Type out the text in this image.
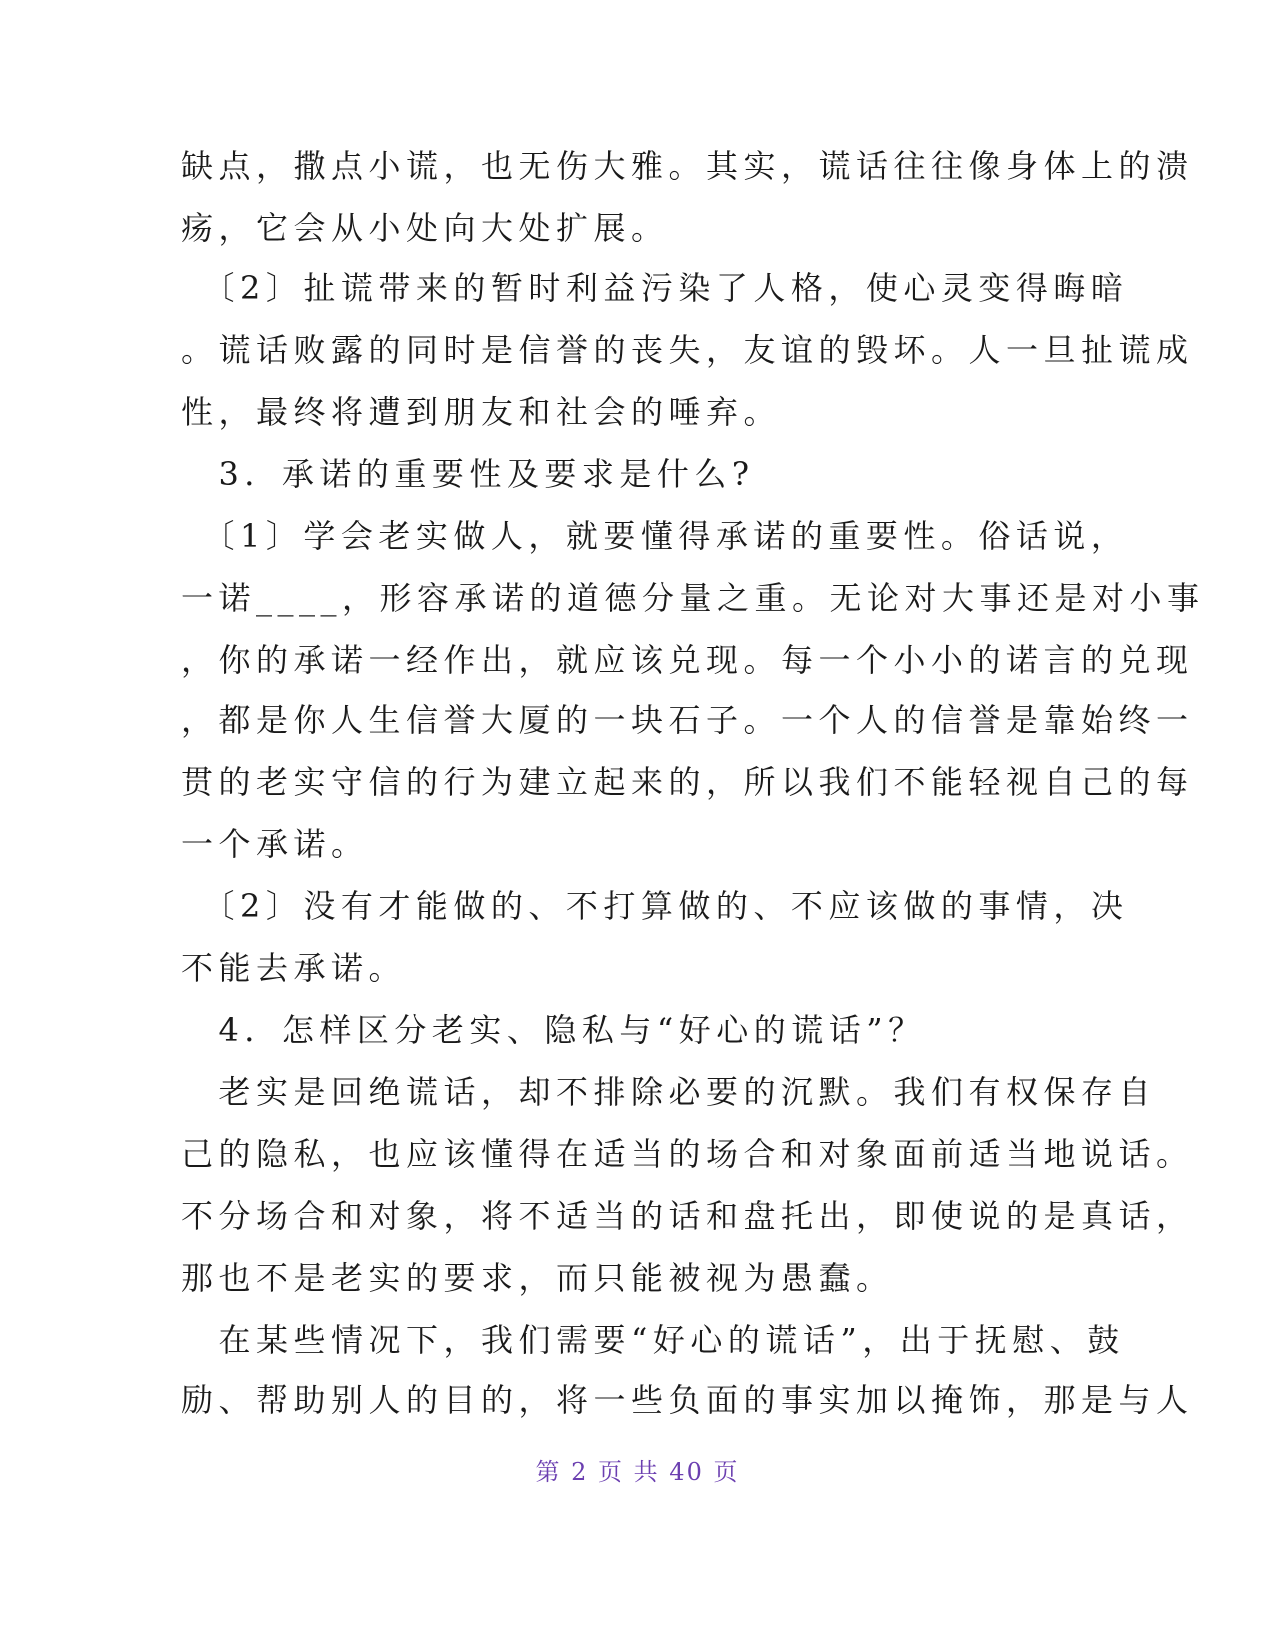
缺点，撒点小谎，也无伤大雅。其实，谎话往往像身体上的溃
疡，它会从小处向大处扩展。
　〔2〕扯谎带来的暂时利益污染了人格，使心灵变得晦暗
。谎话败露的同时是信誉的丧失，友谊的毁坏。人一旦扯谎成
性，最终将遭到朋友和社会的唾弃。
　3．承诺的重要性及要求是什么?
　〔1〕学会老实做人，就要懂得承诺的重要性。俗话说，
一诺____，形容承诺的道德分量之重。无论对大事还是对小事
，你的承诺一经作出，就应该兑现。每一个小小的诺言的兑现
，都是你人生信誉大厦的一块石子。一个人的信誉是靠始终一
贯的老实守信的行为建立起来的，所以我们不能轻视自己的每
一个承诺。
　〔2〕没有才能做的、不打算做的、不应该做的事情，决
不能去承诺。
　4．怎样区分老实、隐私与“好心的谎话”？
　老实是回绝谎话，却不排除必要的沉默。我们有权保存自
己的隐私，也应该懂得在适当的场合和对象面前适当地说话。
不分场合和对象，将不适当的话和盘托出，即使说的是真话，
那也不是老实的要求，而只能被视为愚蠢。
　在某些情况下，我们需要“好心的谎话”，出于抚慰、鼓
励、帮助别人的目的，将一些负面的事实加以掩饰，那是与人
第 2 页 共 40 页
